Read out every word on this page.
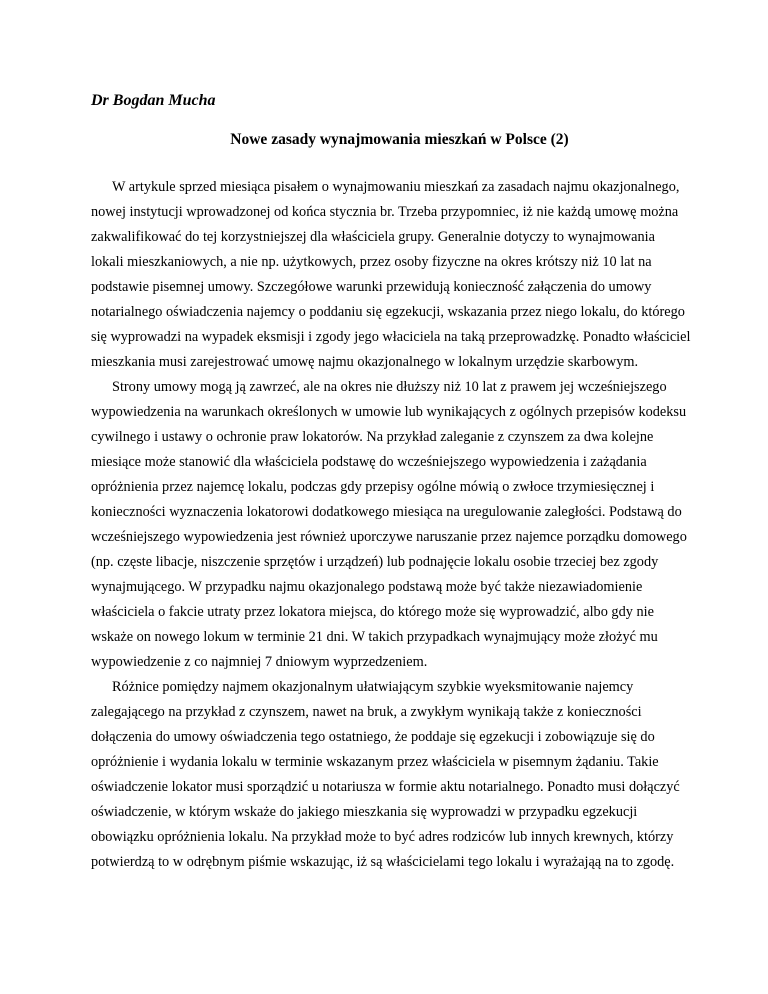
Dr Bogdan Mucha

Nowe zasady wynajmowania mieszkań w Polsce (2)

W artykule sprzed miesiąca pisałem o wynajmowaniu mieszkań za zasadach najmu okazjonalnego,
nowej instytucji wprowadzonej od końca stycznia br. Trzeba przypomniec, iż nie każdą umowę można
zakwalifikować do tej korzystniejszej dla właściciela grupy. Generalnie dotyczy to wynajmowania
lokali mieszkaniowych, a nie np. użytkowych, przez osoby fizyczne na okres krótszy niż 10 lat na
podstawie pisemnej umowy. Szczegółowe warunki przewidują konieczność załączenia do umowy
notarialnego oświadczenia najemcy o poddaniu się egzekucji, wskazania przez niego lokalu, do którego
się wyprowadzi na wypadek eksmisji i zgody jego właciciela na taką przeprowadzkę. Ponadto właściciel
mieszkania musi zarejestrować umowę najmu okazjonalnego w lokalnym urzędzie skarbowym.
Strony umowy mogą ją zawrzeć, ale na okres nie dłuższy niż 10 lat z prawem jej wcześniejszego
wypowiedzenia na warunkach określonych w umowie lub wynikających z ogólnych przepisów kodeksu
cywilnego i ustawy o ochronie praw lokatorów. Na przykład zaleganie z czynszem za dwa kolejne
miesiące może stanowić dla właściciela podstawę do wcześniejszego wypowiedzenia i zażądania
opróżnienia przez najemcę lokalu, podczas gdy przepisy ogólne mówią o zwłoce trzymiesięcznej i
konieczności wyznaczenia lokatorowi dodatkowego miesiąca na uregulowanie zaległości. Podstawą do
wcześniejszego wypowiedzenia jest również uporczywe naruszanie przez najemce porządku domowego
(np. częste libacje, niszczenie sprzętów i urządzeń) lub podnajęcie lokalu osobie trzeciej bez zgody
wynajmującego. W przypadku najmu okazjonalego podstawą może być także niezawiadomienie
właściciela o fakcie utraty przez lokatora miejsca, do którego może się wyprowadzić, albo gdy nie
wskaże on nowego lokum w terminie 21 dni. W takich przypadkach wynajmujący może złożyć mu
wypowiedzenie z co najmniej 7 dniowym wyprzedzeniem.
Różnice pomiędzy najmem okazjonalnym ułatwiającym szybkie wyeksmitowanie najemcy
zalegającego na przykład z czynszem, nawet na bruk, a zwykłym wynikają także z konieczności
dołączenia do umowy oświadczenia tego ostatniego, że poddaje się egzekucji i zobowiązuje się do
opróżnienie i wydania lokalu w terminie wskazanym przez właściciela w pisemnym żądaniu. Takie
oświadczenie lokator musi sporządzić u notariusza w formie aktu notarialnego. Ponadto musi dołączyć
oświadczenie, w którym wskaże do jakiego mieszkania się wyprowadzi w przypadku egzekucji
obowiązku opróżnienia lokalu. Na przykład może to być adres rodziców lub innych krewnych, którzy
potwierdzą to w odrębnym piśmie wskazując, iż są właścicielami tego lokalu i wyrażająą na to zgodę.
